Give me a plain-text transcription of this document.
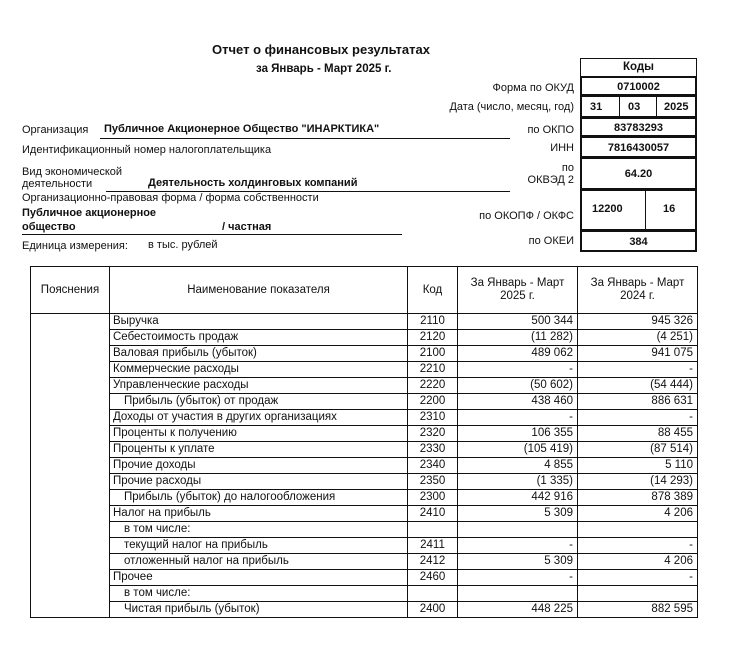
Отчет о финансовых результатах
за Январь - Март 2025 г.	Коды
Форма по ОКУД	0710002
Дата (число, месяц, год) 31 03 2025
по ОКПО	83783293
ИНН	7816430057
по
ОКВЭД 2	64.20
по ОКОПФ / ОКФС
12200	16
по ОКЕИ	384
Организация Публичное Акционерное Общество "ИНАРКТИКА"
Идентификационный номер налогоплательщика
Вид экономической
деятельности	Деятельность холдинговых компаний
Организационно-правовая форма / форма собственности
Публичное акционерное
общество	/ частная
Единица измерения: в тыс. рублей
Пояснения	Наименование показателя	Код	За Январь - Март 2025 г.	За Январь - Март 2024 г.
	Выручка	2110	500 344	945 326
	Себестоимость продаж	2120	(11 282)	(4 251)
	Валовая прибыль (убыток)	2100	489 062	941 075
	Коммерческие расходы	2210	-	-
	Управленческие расходы	2220	(50 602)	(54 444)
	Прибыль (убыток) от продаж	2200	438 460	886 631
	Доходы от участия в других организациях	2310	-	-
	Проценты к получению	2320	106 355	88 455
	Проценты к уплате	2330	(105 419)	(87 514)
	Прочие доходы	2340	4 855	5 110
	Прочие расходы	2350	(1 335)	(14 293)
	Прибыль (убыток) до налогообложения	2300	442 916	878 389
	Налог на прибыль	2410	5 309	4 206
	в том числе:			
	текущий налог на прибыль	2411	-	-
	отложенный налог на прибыль	2412	5 309	4 206
	Прочее	2460	-	-
	в том числе:			
	Чистая прибыль (убыток)	2400	448 225	882 595
